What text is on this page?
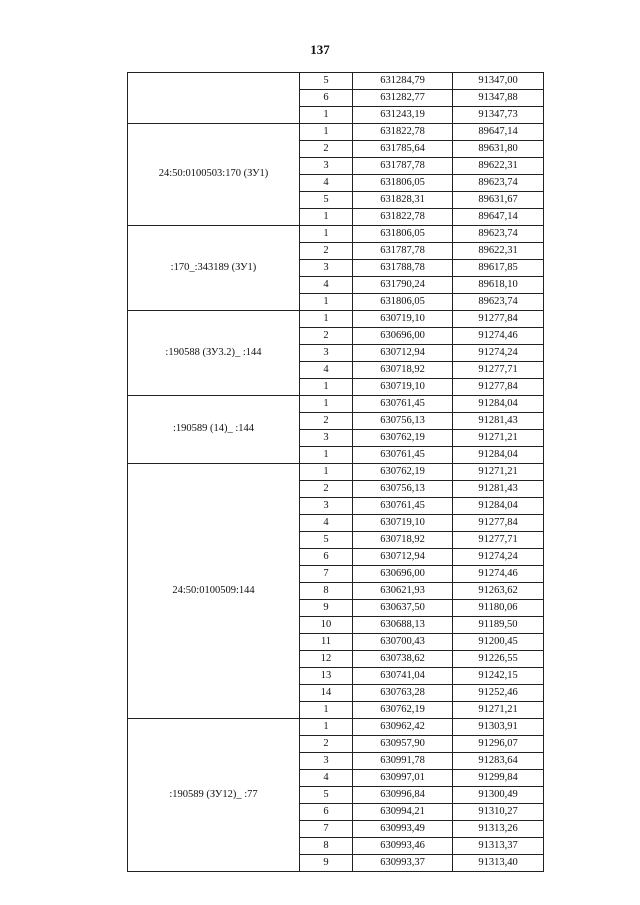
137
	5	631284,79	91347,00
	6	631282,77	91347,88
	1	631243,19	91347,73
24:50:0100503:170 (ЗУ1)	1	631822,78	89647,14
	2	631785,64	89631,80
	3	631787,78	89622,31
	4	631806,05	89623,74
	5	631828,31	89631,67
	1	631822,78	89647,14
:170_:343189 (ЗУ1)	1	631806,05	89623,74
	2	631787,78	89622,31
	3	631788,78	89617,85
	4	631790,24	89618,10
	1	631806,05	89623,74
:190588 (ЗУ3.2)_ :144	1	630719,10	91277,84
	2	630696,00	91274,46
	3	630712,94	91274,24
	4	630718,92	91277,71
	1	630719,10	91277,84
:190589 (14)_ :144	1	630761,45	91284,04
	2	630756,13	91281,43
	3	630762,19	91271,21
	1	630761,45	91284,04
24:50:0100509:144	1	630762,19	91271,21
	2	630756,13	91281,43
	3	630761,45	91284,04
	4	630719,10	91277,84
	5	630718,92	91277,71
	6	630712,94	91274,24
	7	630696,00	91274,46
	8	630621,93	91263,62
	9	630637,50	91180,06
	10	630688,13	91189,50
	11	630700,43	91200,45
	12	630738,62	91226,55
	13	630741,04	91242,15
	14	630763,28	91252,46
	1	630762,19	91271,21
:190589 (ЗУ12)_ :77	1	630962,42	91303,91
	2	630957,90	91296,07
	3	630991,78	91283,64
	4	630997,01	91299,84
	5	630996,84	91300,49
	6	630994,21	91310,27
	7	630993,49	91313,26
	8	630993,46	91313,37
	9	630993,37	91313,40
